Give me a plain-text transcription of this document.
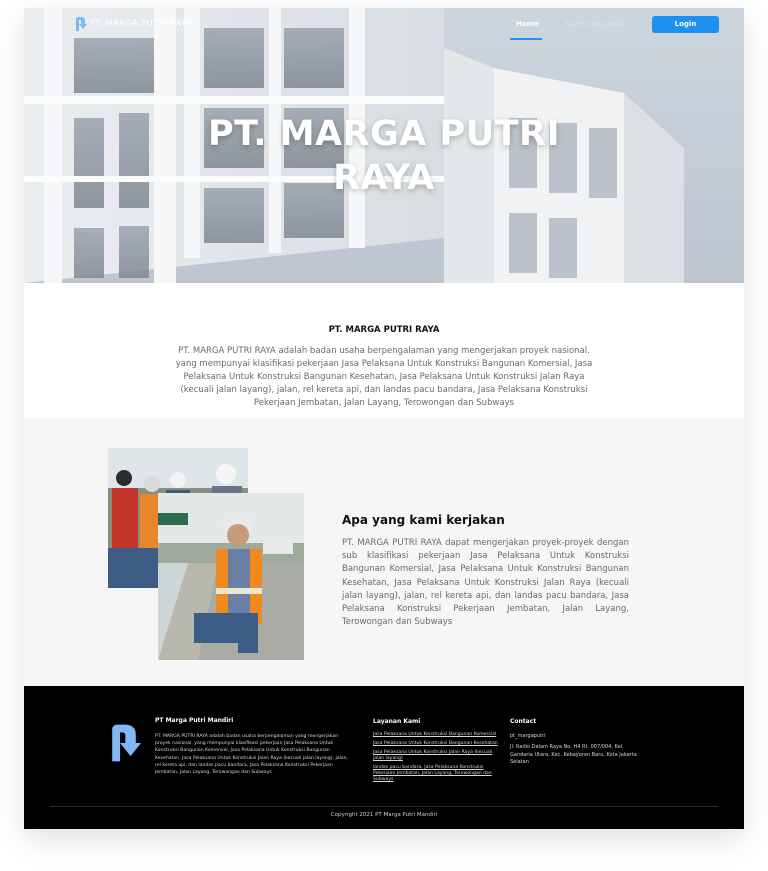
PT. MARGA PUTRI RAYA
PT. MARGA PUTRI RAYA	Home	Survey Kepuasan	Login
PT. MARGA PUTRI RAYA

PT. MARGA PUTRI RAYA adalah badan usaha berpengalaman yang mengerjakan proyek nasional. yang mempunyai klasifikasi pekerjaan Jasa Pelaksana Untuk Konstruksi Bangunan Komersial, Jasa Pelaksana Untuk Konstruksi Bangunan Kesehatan, Jasa Pelaksana Untuk Konstruksi Jalan Raya (kecuali jalan layang), jalan, rel kereta api, dan landas pacu bandara, Jasa Pelaksana Konstruksi Pekerjaan Jembatan, Jalan Layang, Terowongan dan Subways

Apa yang kami kerjakan

PT. MARGA PUTRI RAYA dapat mengerjakan proyek-proyek dengan sub klasifikasi pekerjaan Jasa Pelaksana Untuk Konstruksi Bangunan Komersial, Jasa Pelaksana Untuk Konstruksi Bangunan Kesehatan, Jasa Pelaksana Untuk Konstruksi Jalan Raya (kecuali jalan layang), jalan, rel kereta api, dan landas pacu bandara, Jasa Pelaksana Konstruksi Pekerjaan Jembatan, Jalan Layang, Terowongan dan Subways

PT Marga Putri Mandiri

PT. MARGA PUTRI RAYA adalah badan usaha berpengalaman yang mengerjakan proyek nasional. yang mempunyai klasifikasi pekerjaan Jasa Pelaksana Untuk Konstruksi Bangunan Komersial, Jasa Pelaksana Untuk Konstruksi Bangunan Kesehatan, Jasa Pelaksana Untuk Konstruksi Jalan Raya (kecuali jalan layang), jalan, rel kereta api, dan landas pacu bandara, Jasa Pelaksana Konstruksi Pekerjaan Jembatan, Jalan Layang, Terowongan dan Subways

Layanan Kami
Jasa Pelaksana Untuk Konstruksi Bangunan Komersial
Jasa Pelaksana Untuk Konstruksi Bangunan Kesehatan
Jasa Pelaksana Untuk Konstruksi Jalan Raya (kecuali jalan layang)
landas pacu bandara, Jasa Pelaksana Konstruksi Pekerjaan Jembatan, Jalan Layang, Terowongan dan Subways
Contact
pt_margaputri

Jl. Radio Dalam Raya No. H4 Rt. 007/004, Kel. Gandaria Utara, Kec. Kebayoran Baru, Kota Jakarta Selatan

Copyright 2021 PT Marga Putri Mandiri
